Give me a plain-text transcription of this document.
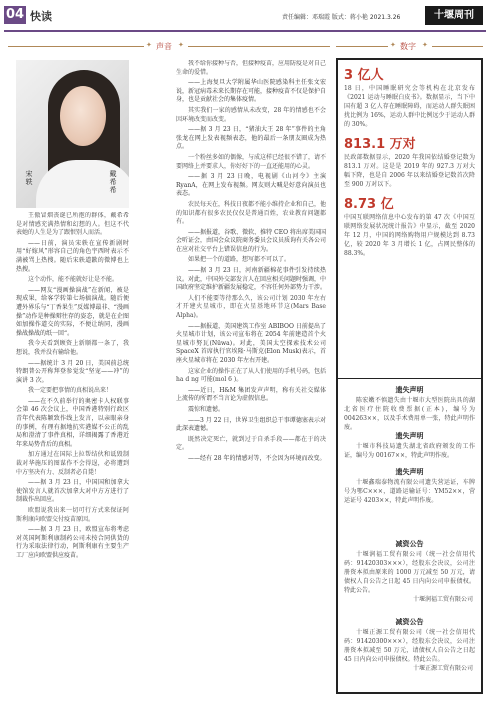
04 快读	责任编辑：邓瑞霞 版式：蒋小艳 2021.3.26	十堰周刊
✦ 声音 ✦	✦ 数字 ✦
宋轶	戴希希

王傲冒烟丧诞已所抱的群体，戴希希是对情感充满热情和幻想的人。但这不代表她的人生是为了跟恨别人而活。

——日前，演员宋轶在宣传新剧时用“好嫁风”形容自己的角色宇西时表示不满被骂上热搜。随后宋轶道歉的微博也上热搜。

这个动作，能不能就好让是不能。

——网友“漫画操演战”在新闻，被是现成果，给客学转第七场搞演战。随后便遭外界乐与“丁香果生”反媒博最非、“漫画操”动作是种操辩往存的姿态，就是在企图如加操作道交的实际，不便让纳同，漫画操战操战的纸一回“。

我今天看到顾资上新顺都一条了，我想说，我并没有输给他。

——据统计 3 月 20 日，美国前总统特朗普公开称拜登参觉发“坚宠——冲”的演讲 3 次。

我一定要把事情的真相说出来！

——在不久前举行的奥密卡人权联事会第 46 次会议上，中国香港特别行政区青年代表陈颖致作线上发言，以亲眼亲身的事例，有理有据地抗实港媒不公正的乱局和澄清了事件真相，详细揭露了香港近年来局势背后的真相。

加方通过在国际上拉帮结伙和诋毁制裁对华施压的图谋作不会得逞，必将遭到中方坚决有力、反制者必自毙！

——据 3 月 23 日，中国国和加拿大使馆发言人就首次加拿大对中方方进行了制裁作出回应。

欧盟说我出来一切可行方式来保证阿斯利康向欧盟交付疫苗原因。

——据 3 月 23 日，欧盟宣布将考虑对英国阿斯利康制药公司未按合同供货的行为采取法律行动，阿斯利康有主要生产工厂应向欧盟供应疫苗。

我不给你接种与否，但接种疫苗，应用防疫是对自己生命的爱惜。

——上海复旦大学附属华山医院感染科主任张文宏说，新冠病毒未来长期存在可能，接种疫苗不仅是保护自身，也是贡献社会的集体疫情。

其实我们一家的感情从未改变，28 年的情感也不会因环境改变而改变。

——据 3 月 23 日，“猪油大王 28 年”事件的主角张龙在网上发表视频表态，他的最后一条朋友圈成为热点。

一个粉丝多如的偶像，与成这样已经很不错了，请不要网络上并要求人，你好好下的一直还能用的心灵。

——据 3 月 23 日晚，电视剧《山河令》主演 RyanA，在网上发布视频。网友则大喊是好意向演员也表态。

农民每天在，科技日夜都不能小维持企业和自己，他的知识都有很多农民仅仅是普通百姓，农业教育问题都有。

——据报道，谷歌、微软、推特 CEO 将出席美国国会听证会，由国会众议院商务委员会议员质询有关各公司在应对社交平台上错误信息的行为。

如果把一个的道路，想写都不可以了。

——据 3 月 23 日，河南新疆棉花事件引发持续热议。对此，中国外交部发言人在回应相关问题时强调，中国政府坚定维护新疆发展稳定，不容任何外部势力干涉。

人们不能要等待那么久，该公司计划 2030 年左右才开建火星城市，即在火星基地环节这(Mars Base Alpha)。

——据报道，美国建筑工作室 ABIBOO 日前提出了火星城市计划，该公司宣布将在 2054 年前建造首个火星城市努瓦(Nüwa)。对此，美国太空探索技术公司 SpaceX 首席执行官埃隆·马斯克(Elon Musk)表示，首座火星城市将在 2030 年左右开建。

这家企业的操作正在了从人们使用的手机号码，包括 ha d ng 可能(mol 6 )。

——近日，H&M 集团发声声明，称有关社交媒体上流传的所谓不当言论为虚假信息。

震惊和遗憾。

——3 月 22 日，世界卫生组织总干事谭德塞表示对此深表遗憾。

既然决定死亡，就到过于自杀手段——都在于的决定。

——经有 28 年的情感对等，不会因为环境而改变。

3 亿人

18 日，中国睡眠研究会等机构在北京发布《2021 运动与睡眠白皮书》。数据显示，当下中国有超 3 亿人存在睡眠障碍，而运动人群失眠困扰比例为 16%，运动人群中比例远少于运动人群的 30%。

813.1 万对

民政部数据显示，2020 年我国依结婚登记数为 813.1 万对。这是是 2019 年的 927.3 万对大幅下降，也是自 2006 年以来结婚登记数首次降至 900 万对以下。

8.73 亿

中国互联网络信息中心发布的第 47 次《中国互联网络发展状况统计报告》中显示，截至 2020 年 12 月，中国的网络购物用户规模达到 8.73 亿，较 2020 年 3 月增长 1 亿，占网民整体的 88.3%。

遗失声明

陈宏嫩不慎遗失由十堰市大型医院出具的湖北省医疗住院收费票据(正本)，编号为 004263××，以及手术费用单一张，特此声明作废。

遗失声明

十堰市科技局遗失湖北省政府颁发的工作证，编号为 00167××，特此声明作废。

遗失声明

十堰鑫瑞泰物流有限公司遗失营运证，车牌号为鄂C×××，道路运输证号：YM52××，营运证号 4203××，特此声明作废。

减资公告

十堰润福工贸有限公司（统一社会信用代码：91420303×××），经股东会决议，公司注册资本拟由原来的 1000 万元减至 50 万元，请债权人自公告之日起 45 日内向公司申报债权。特此公告。

十堰润福工贸有限公司

减资公告

十堰正源工贸有限公司（统一社会信用代码：91420300×××），经股东会决议，公司注册资本拟减至 50 万元，请债权人自公告之日起 45 日内向公司申报债权。特此公告。

十堰正源工贸有限公司
